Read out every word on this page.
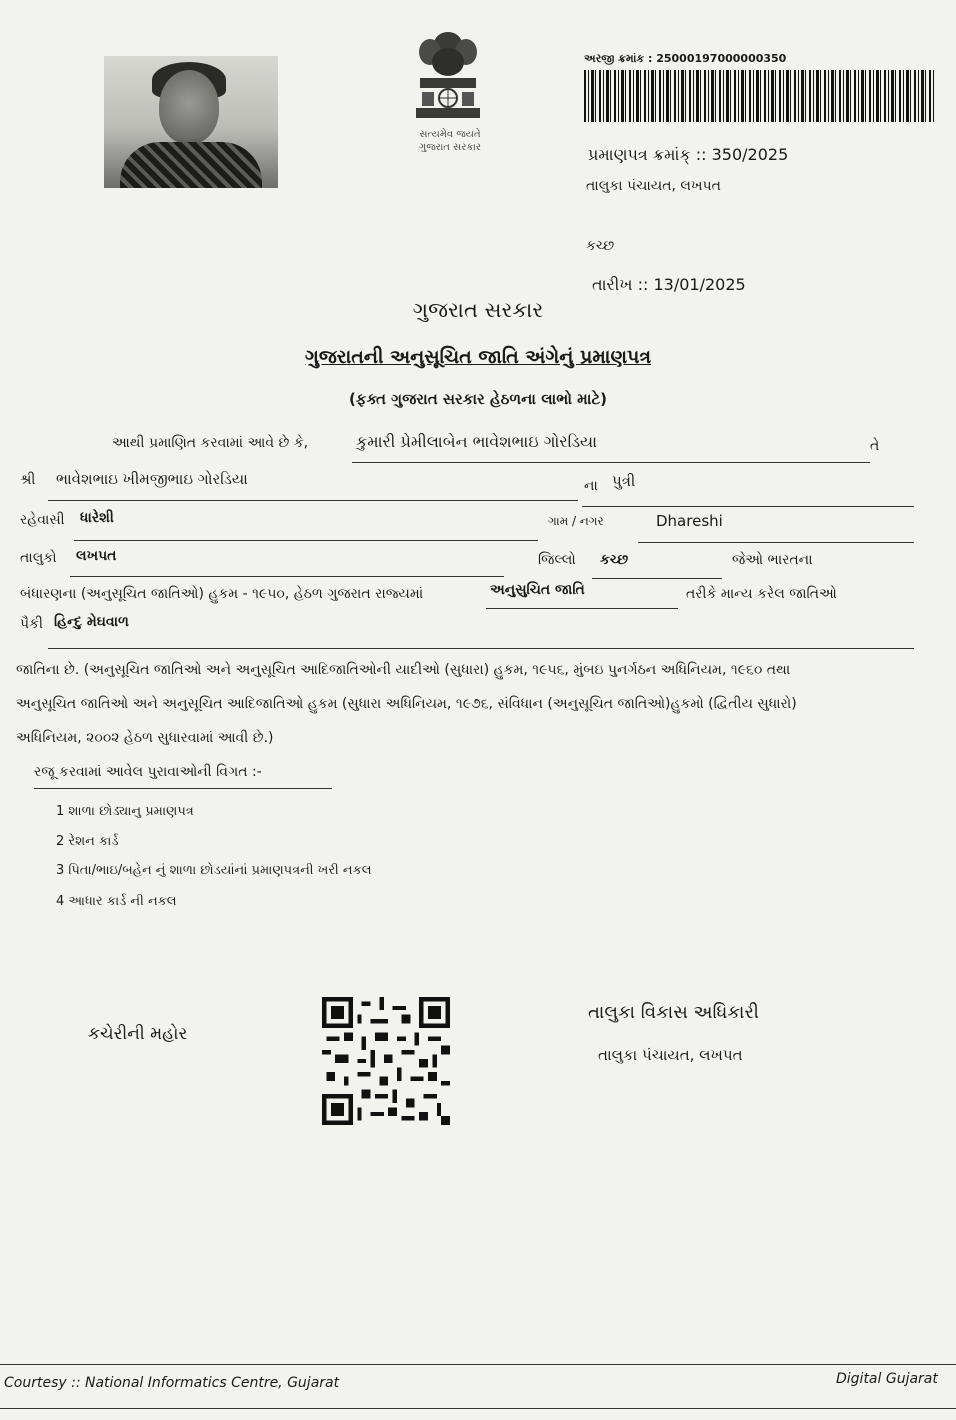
સત્યમેવ જયતે
ગુજરાત સરકાર
અરજી ક્રમાંક : 25000197000000350
પ્રમાણપત્ર ક્રમાંક્ :: 350/2025
તાલુકા પંચાયત, લખપત
કચ્છ
તારીખ :: 13/01/2025
ગુજરાત સરકાર
ગુજરાતની અનુસૂચિત જાતિ અંગેનું પ્રમાણપત્ર
(ફક્ત ગુજરાત સરકાર હેઠળના લાભો માટે)
આથી પ્રમાણિત કરવામાં આવે છે કે,	કુમારી પ્રેમીલાબેન ભાવેશભાઇ ગોરડિયા	તે
શ્રી ભાવેશભાઇ ખીમજીભાઇ ગોરડિયા	ના પુત્રી
રહેવાસી ધારેશી	ગામ / નગર	Dhareshi
તાલુકો લખપત	જિલ્લો કચ્છ	જેઓ ભારતના
બંધારણના (અનુસૂચિત જાતિઓ) હુકમ - ૧૯૫૦, હેઠળ ગુજરાત રાજ્યમાં	અનુસુચિત જાતિ	તરીકે માન્ય કરેલ જાતિઓ
પૈકી હિન્દુ મેઘવાળ
જાતિના છે. (અનુસૂચિત જાતિઓ અને અનુસૂચિત આદિજાતિઓની યાદીઓ (સુધારા) હુકમ, ૧૯૫૬, મુંબઇ પુનર્ગઠન અધિનિયમ, ૧૯૬૦ તથા
અનુસૂચિત જાતિઓ અને અનુસૂચિત આદિજાતિઓ હુકમ (સુધારા અધિનિયમ, ૧૯૭૬, સંવિધાન (અનુસૂચિત જાતિઓ)હુકમો (દ્વિતીય સુધારો)
અધિનિયમ, ૨૦૦૨ હેઠળ સુધારવામાં આવી છે.)
રજૂ કરવામાં આવેલ પુરાવાઓની વિગત :-
1 શાળા છોડ્યાનુ પ્રમાણપત્ર
2 રેશન કાર્ડ
3 પિતા/ભાઇ/બહેન નું શાળા છોડયાંનાં પ્રમાણપત્રની ખરી નકલ
4 આધાર કાર્ડ ની નકલ
કચેરીની મહોર
તાલુકા વિકાસ અધિકારી
તાલુકા પંચાયત, લખપત
Courtesy :: National Informatics Centre, Gujarat	Digital Gujarat
